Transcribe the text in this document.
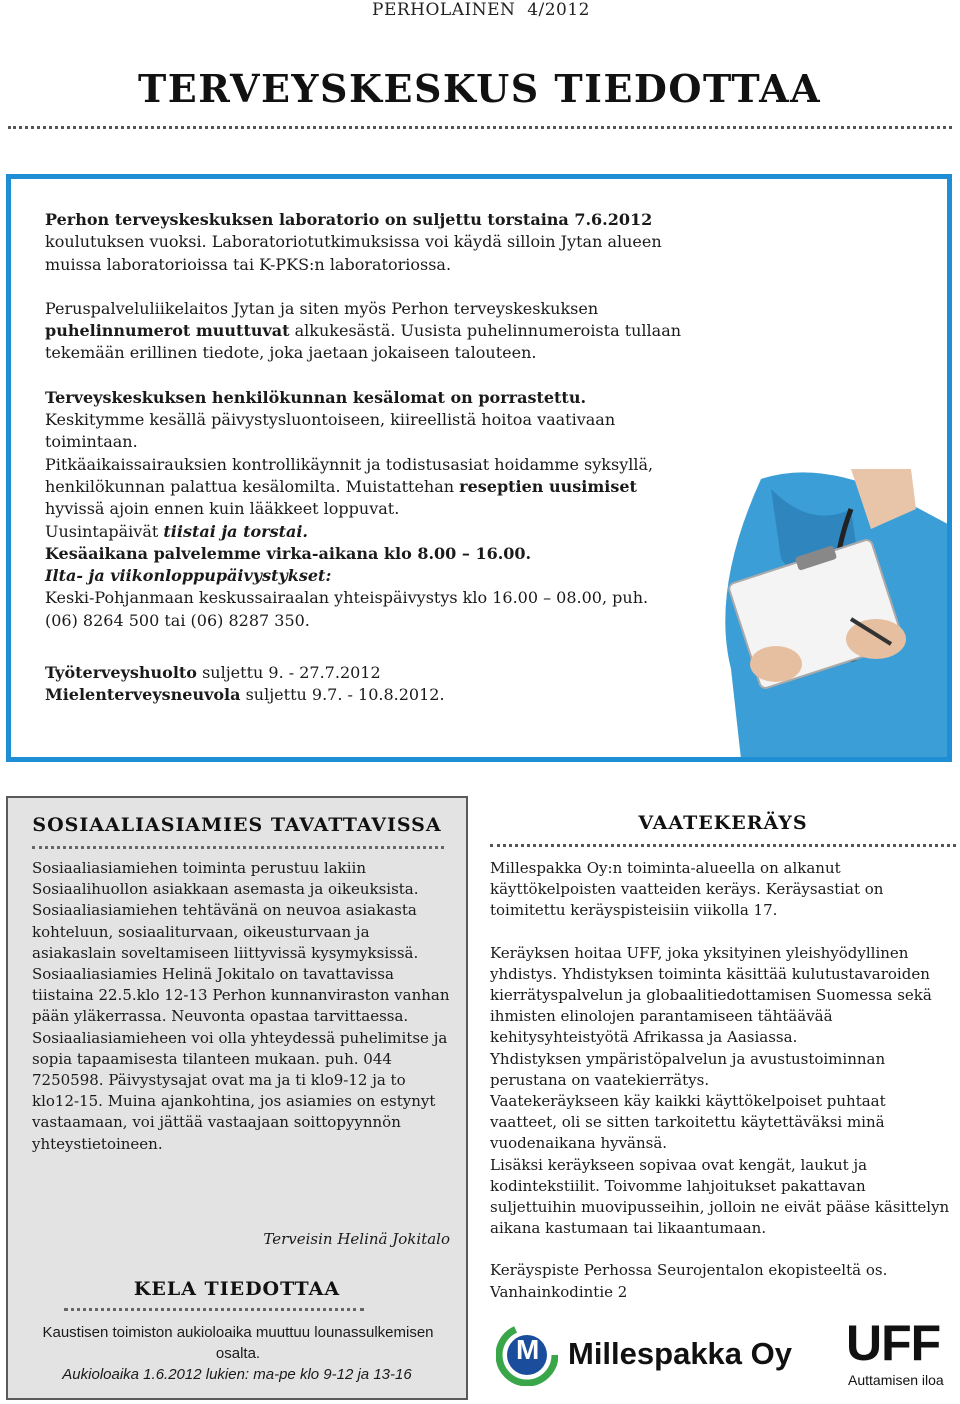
PERHOLAINEN 4/2012
TERVEYSKESKUS TIEDOTTAA

Perhon terveyskeskuksen laboratorio on suljettu torstaina 7.6.2012 koulutuksen vuoksi. Laboratoriotutkimuksissa voi käydä silloin Jytan alueen muissa laboratorioissa tai K-PKS:n laboratoriossa.

Peruspalveluliikelaitos Jytan ja siten myös Perhon terveyskeskuksen puhelinnumerot muuttuvat alkukesästä. Uusista puhelinnumeroista tullaan tekemään erillinen tiedote, joka jaetaan jokaiseen talouteen.

Terveyskeskuksen henkilökunnan kesälomat on porrastettu. Keskitymme kesällä päivystysluontoiseen, kiireellistä hoitoa vaativaan toimintaan.

Pitkäaikaissairauksien kontrollikäynnit ja todistusasiat hoidamme syksyllä,

henkilökunnan palattua kesälomilta. Muistattehan reseptien uusimiset hyvissä ajoin ennen kuin lääkkeet loppuvat.

Uusintapäivät tiistai ja torstai.

Kesäaikana palvelemme virka-aikana klo 8.00 – 16.00.

Ilta- ja viikonloppupäivystykset:

Keski-Pohjanmaan keskussairaalan yhteispäivystys klo 16.00 – 08.00, puh. (06) 8264 500 tai (06) 8287 350.

Työterveyshuolto suljettu 9. - 27.7.2012

Mielenterveysneuvola suljettu 9.7. - 10.8.2012.

SOSIAALIASIAMIES TAVATTAVISSA

Sosiaaliasiamiehen toiminta perustuu lakiin Sosiaalihuollon asiakkaan asemasta ja oikeuksista. Sosiaaliasiamiehen tehtävänä on neuvoa asiakasta kohteluun, sosiaaliturvaan, oikeusturvaan ja asiakaslain soveltamiseen liittyvissä kysymyksissä.

Sosiaaliasiamies Helinä Jokitalo on tavattavissa tiistaina 22.5.klo 12-13 Perhon kunnanviraston vanhan pään yläkerrassa. Neuvonta opastaa tarvittaessa.

Sosiaaliasiamieheen voi olla yhteydessä puhelimitse ja sopia tapaamisesta tilanteen mukaan. puh. 044 7250598. Päivystysajat ovat ma ja ti klo9-12 ja to klo12-15. Muina ajankohtina, jos asiamies on estynyt vastaamaan, voi jättää vastaajaan soittopyynnön yhteystietoineen.

Terveisin Helinä Jokitalo
KELA TIEDOTTAA
Kaustisen toimiston aukioloaika muuttuu lounassulkemisen osalta.
Aukioloaika 1.6.2012 lukien: ma-pe klo 9-12 ja 13-16
VAATEKERÄYS

Millespakka Oy:n toiminta-alueella on alkanut käyttökelpoisten vaatteiden keräys. Keräysastiat on toimitettu keräyspisteisiin viikolla 17.

Keräyksen hoitaa UFF, joka yksityinen yleishyödyllinen yhdistys. Yhdistyksen toiminta käsittää kulutustavaroiden kierrätyspalvelun ja globaalitiedottamisen Suomessa sekä ihmisten elinolojen parantamiseen tähtäävää kehitysyhteistyötä Afrikassa ja Aasiassa.

Yhdistyksen ympäristöpalvelun ja avustustoiminnan perustana on vaatekierrätys.

Vaatekeräykseen käy kaikki käyttökelpoiset puhtaat vaatteet, oli se sitten tarkoitettu käytettäväksi minä vuodenaikana hyvänsä.

Lisäksi keräykseen sopivaa ovat kengät, laukut ja kodintekstiilit. Toivomme lahjoitukset pakattavan suljettuihin muovipusseihin, jolloin ne eivät pääse käsittelyn aikana kastumaan tai likaantumaan.

Keräyspiste Perhossa Seurojentalon ekopisteeltä os. Vanhainkodintie 2

M Millespakka Oy UFF
Auttamisen iloa
